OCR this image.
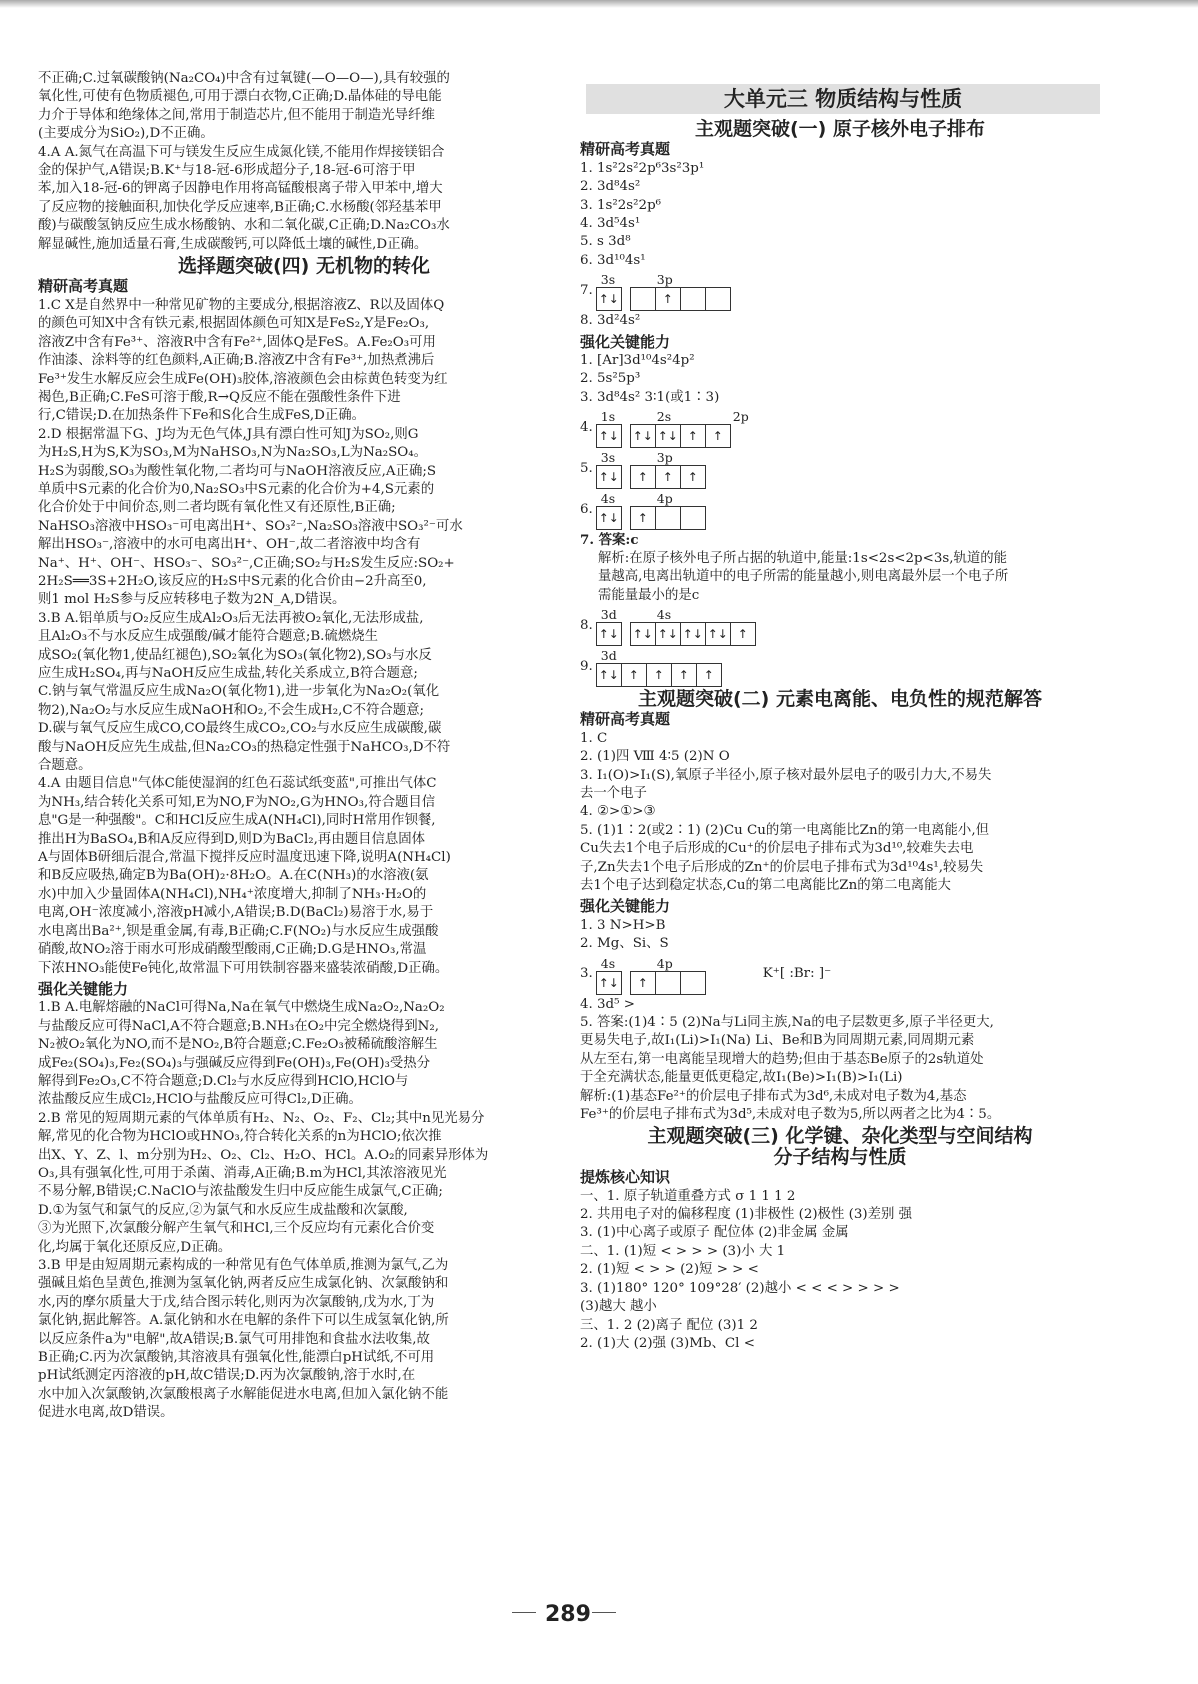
不正确;C.过氧碳酸钠(Na₂CO₄)中含有过氧键(—O—O—),具有较强的
氧化性,可使有色物质褪色,可用于漂白衣物,C正确;D.晶体硅的导电能
力介于导体和绝缘体之间,常用于制造芯片,但不能用于制造光导纤维
(主要成分为SiO₂),D不正确。
4.A A.氮气在高温下可与镁发生反应生成氮化镁,不能用作焊接镁铝合
金的保护气,A错误;B.K⁺与18-冠-6形成超分子,18-冠-6可溶于甲
苯,加入18-冠-6的钾离子因静电作用将高锰酸根离子带入甲苯中,增大
了反应物的接触面积,加快化学反应速率,B正确;C.水杨酸(邻羟基苯甲
酸)与碳酸氢钠反应生成水杨酸钠、水和二氧化碳,C正确;D.Na₂CO₃水
解显碱性,施加适量石膏,生成碳酸钙,可以降低土壤的碱性,D正确。
选择题突破(四) 无机物的转化
精研高考真题
1.C X是自然界中一种常见矿物的主要成分,根据溶液Z、R以及固体Q
的颜色可知X中含有铁元素,根据固体颜色可知X是FeS₂,Y是Fe₂O₃,
溶液Z中含有Fe³⁺、溶液R中含有Fe²⁺,固体Q是FeS。A.Fe₂O₃可用
作油漆、涂料等的红色颜料,A正确;B.溶液Z中含有Fe³⁺,加热煮沸后
Fe³⁺发生水解反应会生成Fe(OH)₃胶体,溶液颜色会由棕黄色转变为红
褐色,B正确;C.FeS可溶于酸,R→Q反应不能在强酸性条件下进
行,C错误;D.在加热条件下Fe和S化合生成FeS,D正确。
2.D 根据常温下G、J均为无色气体,J具有漂白性可知J为SO₂,则G
为H₂S,H为S,K为SO₃,M为NaHSO₃,N为Na₂SO₃,L为Na₂SO₄。
H₂S为弱酸,SO₃为酸性氧化物,二者均可与NaOH溶液反应,A正确;S
单质中S元素的化合价为0,Na₂SO₃中S元素的化合价为+4,S元素的
化合价处于中间价态,则二者均既有氧化性又有还原性,B正确;
NaHSO₃溶液中HSO₃⁻可电离出H⁺、SO₃²⁻,Na₂SO₃溶液中SO₃²⁻可水
解出HSO₃⁻,溶液中的水可电离出H⁺、OH⁻,故二者溶液中均含有
Na⁺、H⁺、OH⁻、HSO₃⁻、SO₃²⁻,C正确;SO₂与H₂S发生反应:SO₂+
2H₂S══3S+2H₂O,该反应的H₂S中S元素的化合价由−2升高至0,
则1 mol H₂S参与反应转移电子数为2N_A,D错误。
3.B A.铝单质与O₂反应生成Al₂O₃后无法再被O₂氧化,无法形成盐,
且Al₂O₃不与水反应生成强酸/碱才能符合题意;B.硫燃烧生
成SO₂(氧化物1,使品红褪色),SO₂氧化为SO₃(氧化物2),SO₃与水反
应生成H₂SO₄,再与NaOH反应生成盐,转化关系成立,B符合题意;
C.钠与氧气常温反应生成Na₂O(氧化物1),进一步氧化为Na₂O₂(氧化
物2),Na₂O₂与水反应生成NaOH和O₂,不会生成H₂,C不符合题意;
D.碳与氧气反应生成CO,CO最终生成CO₂,CO₂与水反应生成碳酸,碳
酸与NaOH反应先生成盐,但Na₂CO₃的热稳定性强于NaHCO₃,D不符
合题意。
4.A 由题目信息"气体C能使湿润的红色石蕊试纸变蓝",可推出气体C
为NH₃,结合转化关系可知,E为NO,F为NO₂,G为HNO₃,符合题目信
息"G是一种强酸"。C和HCl反应生成A(NH₄Cl),同时H常用作钡餐,
推出H为BaSO₄,B和A反应得到D,则D为BaCl₂,再由题目信息固体
A与固体B研细后混合,常温下搅拌反应时温度迅速下降,说明A(NH₄Cl)
和B反应吸热,确定B为Ba(OH)₂·8H₂O。A.在C(NH₃)的水溶液(氨
水)中加入少量固体A(NH₄Cl),NH₄⁺浓度增大,抑制了NH₃·H₂O的
电离,OH⁻浓度减小,溶液pH减小,A错误;B.D(BaCl₂)易溶于水,易于
水电离出Ba²⁺,钡是重金属,有毒,B正确;C.F(NO₂)与水反应生成强酸
硝酸,故NO₂溶于雨水可形成硝酸型酸雨,C正确;D.G是HNO₃,常温
下浓HNO₃能使Fe钝化,故常温下可用铁制容器来盛装浓硝酸,D正确。
强化关键能力
1.B A.电解熔融的NaCl可得Na,Na在氧气中燃烧生成Na₂O₂,Na₂O₂
与盐酸反应可得NaCl,A不符合题意;B.NH₃在O₂中完全燃烧得到N₂,
N₂被O₂氧化为NO,而不是NO₂,B符合题意;C.Fe₂O₃被稀硫酸溶解生
成Fe₂(SO₄)₃,Fe₂(SO₄)₃与强碱反应得到Fe(OH)₃,Fe(OH)₃受热分
解得到Fe₂O₃,C不符合题意;D.Cl₂与水反应得到HClO,HClO与
浓盐酸反应生成Cl₂,HClO与盐酸反应可得Cl₂,D正确。
2.B 常见的短周期元素的气体单质有H₂、N₂、O₂、F₂、Cl₂;其中n见光易分
解,常见的化合物为HClO或HNO₃,符合转化关系的n为HClO;依次推
出X、Y、Z、l、m分别为H₂、O₂、Cl₂、H₂O、HCl。A.O₂的同素异形体为
O₃,具有强氧化性,可用于杀菌、消毒,A正确;B.m为HCl,其浓溶液见光
不易分解,B错误;C.NaClO与浓盐酸发生归中反应能生成氯气,C正确;
D.①为氢气和氯气的反应,②为氯气和水反应生成盐酸和次氯酸,
③为光照下,次氯酸分解产生氧气和HCl,三个反应均有元素化合价变
化,均属于氧化还原反应,D正确。
3.B 甲是由短周期元素构成的一种常见有色气体单质,推测为氯气,乙为
强碱且焰色呈黄色,推测为氢氧化钠,两者反应生成氯化钠、次氯酸钠和
水,丙的摩尔质量大于戊,结合图示转化,则丙为次氯酸钠,戊为水,丁为
氯化钠,据此解答。A.氯化钠和水在电解的条件下可以生成氢氧化钠,所
以反应条件a为"电解",故A错误;B.氯气可用排饱和食盐水法收集,故
B正确;C.丙为次氯酸钠,其溶液具有强氧化性,能漂白pH试纸,不可用
pH试纸测定丙溶液的pH,故C错误;D.丙为次氯酸钠,溶于水时,在
水中加入次氯酸钠,次氯酸根离子水解能促进水电离,但加入氯化钠不能
促进水电离,故D错误。
大单元三 物质结构与性质
主观题突破(一) 原子核外电子排布
精研高考真题
1. 1s²2s²2p⁶3s²3p¹
2. 3d⁸4s²
3. 1s²2s²2p⁶
4. 3d⁵4s¹
5. s 3d⁸
6. 3d¹⁰4s¹
7.
3s	3p
↑↓	↑
8. 3d²4s²
强化关键能力
1. [Ar]3d¹⁰4s²4p²
2. 5s²5p³
3. 3d⁸4s² 3∶1(或1∶3)
4.
1s	2s	2p
↑↓ ↑↓ ↑↓ ↑	↑
5.
3s	3p
↑↓	↑	↑	↑
6.
4s	4p
↑↓	↑
7. 答案:c
解析:在原子核外电子所占据的轨道中,能量:1s<2s<2p<3s,轨道的能
量越高,电离出轨道中的电子所需的能量越小,则电离最外层一个电子所
需能量最小的是c
8.
3d	4s
↑↓ ↑↓ ↑↓ ↑↓ ↑↓ ↑
9.
3d
↑↓ ↑	↑	↑	↑
主观题突破(二) 元素电离能、电负性的规范解答
精研高考真题
1. C
2. (1)四 Ⅷ 4∶5 (2)N O
3. I₁(O)>I₁(S),氧原子半径小,原子核对最外层电子的吸引力大,不易失
去一个电子
4. ②>①>③
5. (1)1∶2(或2∶1) (2)Cu Cu的第一电离能比Zn的第一电离能小,但
Cu失去1个电子后形成的Cu⁺的价层电子排布式为3d¹⁰,较难失去电
子,Zn失去1个电子后形成的Zn⁺的价层电子排布式为3d¹⁰4s¹,较易失
去1个电子达到稳定状态,Cu的第二电离能比Zn的第二电离能大
强化关键能力
1. 3 N>H>B
2. Mg、Si、S
3.
4s	4p
↑↓	↑
K⁺[ :Br: ]⁻
4. 3d⁵ >
5. 答案:(1)4∶5 (2)Na与Li同主族,Na的电子层数更多,原子半径更大,
更易失电子,故I₁(Li)>I₁(Na) Li、Be和B为同周期元素,同周期元素
从左至右,第一电离能呈现增大的趋势;但由于基态Be原子的2s轨道处
于全充满状态,能量更低更稳定,故I₁(Be)>I₁(B)>I₁(Li)
解析:(1)基态Fe²⁺的价层电子排布式为3d⁶,未成对电子数为4,基态
Fe³⁺的价层电子排布式为3d⁵,未成对电子数为5,所以两者之比为4∶5。
主观题突破(三) 化学键、杂化类型与空间结构
分子结构与性质
提炼核心知识
一、1. 原子轨道重叠方式 σ 1 1 1 2
2. 共用电子对的偏移程度 (1)非极性 (2)极性 (3)差别 强
3. (1)中心离子或原子 配位体 (2)非金属 金属
二、1. (1)短 < > > > (3)小 大 1
2. (1)短 < > > (2)短 > > <
3. (1)180° 120° 109°28′ (2)越小 < < < > > > >
(3)越大 越小
三、1. 2 (2)离子 配位 (3)1 2
2. (1)大 (2)强 (3)Mb、Cl <
289
